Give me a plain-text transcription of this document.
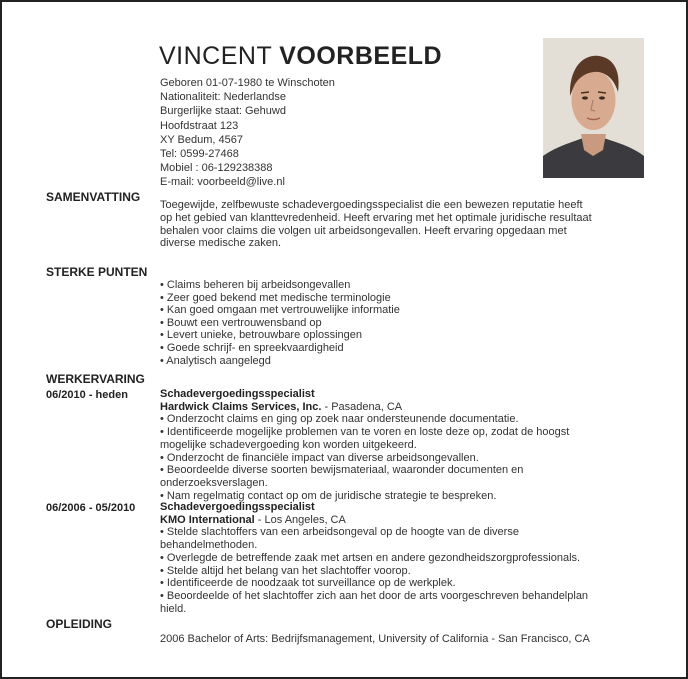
VINCENT VOORBEELD
Geboren 01-07-1980 te Winschoten
Nationaliteit: Nederlandse
Burgerlijke staat: Gehuwd
Hoofdstraat 123
XY Bedum, 4567
Tel: 0599-27468
Mobiel : 06-129238388
E-mail: voorbeeld@live.nl
SAMENVATTING
Toegewijde, zelfbewuste schadevergoedingsspecialist die een bewezen reputatie heeft
op het gebied van klanttevredenheid. Heeft ervaring met het optimale juridische resultaat
behalen voor claims die volgen uit arbeidsongevallen. Heeft ervaring opgedaan met
diverse medische zaken.
STERKE PUNTEN
• Claims beheren bij arbeidsongevallen
• Zeer goed bekend met medische terminologie
• Kan goed omgaan met vertrouwelijke informatie
• Bouwt een vertrouwensband op
• Levert unieke, betrouwbare oplossingen
• Goede schrijf- en spreekvaardigheid
• Analytisch aangelegd
WERKERVARING
06/2010 - heden	Schadevergoedingsspecialist
Hardwick Claims Services, Inc. - Pasadena, CA
• Onderzocht claims en ging op zoek naar ondersteunende documentatie.
• Identificeerde mogelijke problemen van te voren en loste deze op, zodat de hoogst
mogelijke schadevergoeding kon worden uitgekeerd.
• Onderzocht de financiële impact van diverse arbeidsongevallen.
• Beoordeelde diverse soorten bewijsmateriaal, waaronder documenten en
onderzoeksverslagen.
• Nam regelmatig contact op om de juridische strategie te bespreken.
06/2006 - 05/2010 Schadevergoedingsspecialist
KMO International - Los Angeles, CA
• Stelde slachtoffers van een arbeidsongeval op de hoogte van de diverse
behandelmethoden.
• Overlegde de betreffende zaak met artsen en andere gezondheidszorgprofessionals.
• Stelde altijd het belang van het slachtoffer voorop.
• Identificeerde de noodzaak tot surveillance op de werkplek.
• Beoordeelde of het slachtoffer zich aan het door de arts voorgeschreven behandelplan
hield.
OPLEIDING
2006 Bachelor of Arts: Bedrijfsmanagement, University of California - San Francisco, CA
